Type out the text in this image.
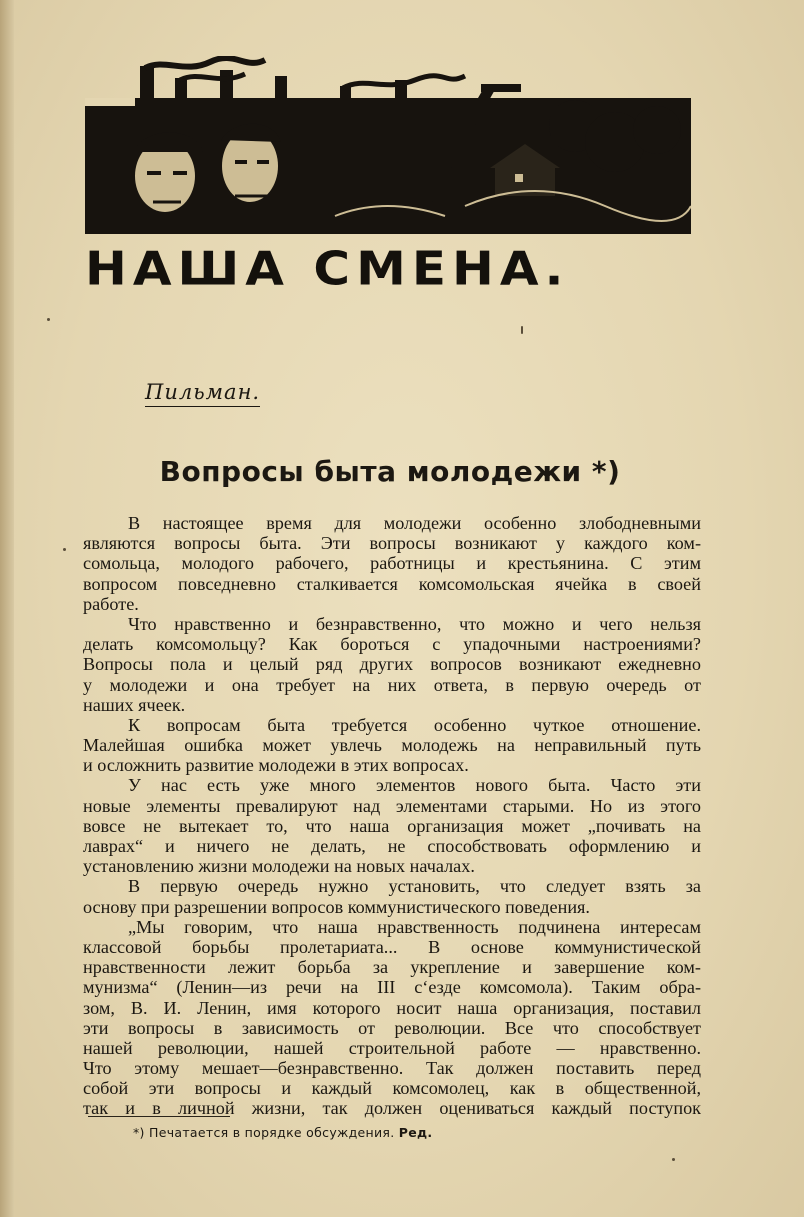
НАША СМЕНА.
Пильман.
Вопросы быта молодежи *)
В настоящее время для молодежи особенно злободневными
являются вопросы быта. Эти вопросы возникают у каждого ком-
сомольца, молодого рабочего, работницы и крестьянина. С этим
вопросом повседневно сталкивается комсомольская ячейка в своей
работе.
Что нравственно и безнравственно, что можно и чего нельзя
делать комсомольцу? Как бороться с упадочными настроениями?
Вопросы пола и целый ряд других вопросов возникают ежедневно
у молодежи и она требует на них ответа, в первую очередь от
наших ячеек.
К вопросам быта требуется особенно чуткое отношение.
Малейшая ошибка может увлечь молодежь на неправильный путь
и осложнить развитие молодежи в этих вопросах.
У нас есть уже много элементов нового быта. Часто эти
новые элементы превалируют над элементами старыми. Но из этого
вовсе не вытекает то, что наша организация может „почивать на
лаврах“ и ничего не делать, не способствовать оформлению и
установлению жизни молодежи на новых началах.
В первую очередь нужно установить, что следует взять за
основу при разрешении вопросов коммунистического поведения.
„Мы говорим, что наша нравственность подчинена интересам
классовой борьбы пролетариата... В основе коммунистической
нравственности лежит борьба за укрепление и завершение ком-
мунизма“ (Ленин—из речи на III с‘езде комсомола). Таким обра-
зом, В. И. Ленин, имя которого носит наша организация, поставил
эти вопросы в зависимость от революции. Все что способствует
нашей революции, нашей строительной работе — нравственно.
Что этому мешает—безнравственно. Так должен поставить перед
собой эти вопросы и каждый комсомолец, как в общественной,
так и в личной жизни, так должен оцениваться каждый поступок
*) Печатается в порядке обсуждения. Ред.
